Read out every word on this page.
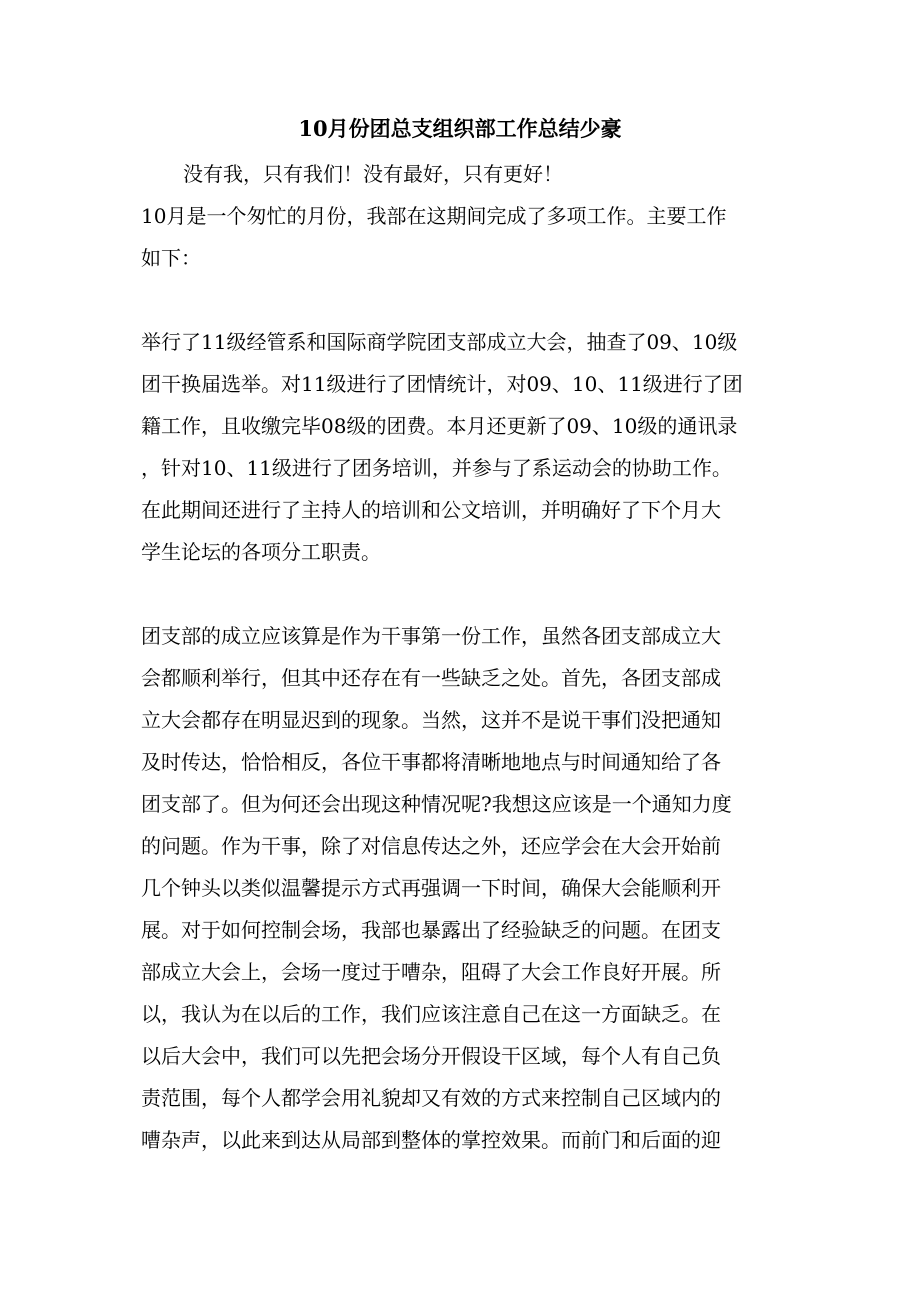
10月份团总支组织部工作总结少豪
没有我，只有我们！没有最好，只有更好！
10月是一个匆忙的月份，我部在这期间完成了多项工作。主要工作
如下：
举行了11级经管系和国际商学院团支部成立大会，抽查了09、10级
团干换届选举。对11级进行了团情统计，对09、10、11级进行了团
籍工作，且收缴完毕08级的团费。本月还更新了09、10级的通讯录
，针对10、11级进行了团务培训，并参与了系运动会的协助工作。
在此期间还进行了主持人的培训和公文培训，并明确好了下个月大
学生论坛的各项分工职责。
团支部的成立应该算是作为干事第一份工作，虽然各团支部成立大
会都顺利举行，但其中还存在有一些缺乏之处。首先，各团支部成
立大会都存在明显迟到的现象。当然，这并不是说干事们没把通知
及时传达，恰恰相反，各位干事都将清晰地地点与时间通知给了各
团支部了。但为何还会出现这种情况呢?我想这应该是一个通知力度
的问题。作为干事，除了对信息传达之外，还应学会在大会开始前
几个钟头以类似温馨提示方式再强调一下时间，确保大会能顺利开
展。对于如何控制会场，我部也暴露出了经验缺乏的问题。在团支
部成立大会上，会场一度过于嘈杂，阻碍了大会工作良好开展。所
以，我认为在以后的工作，我们应该注意自己在这一方面缺乏。在
以后大会中，我们可以先把会场分开假设干区域，每个人有自己负
责范围，每个人都学会用礼貌却又有效的方式来控制自己区域内的
嘈杂声，以此来到达从局部到整体的掌控效果。而前门和后面的迎
